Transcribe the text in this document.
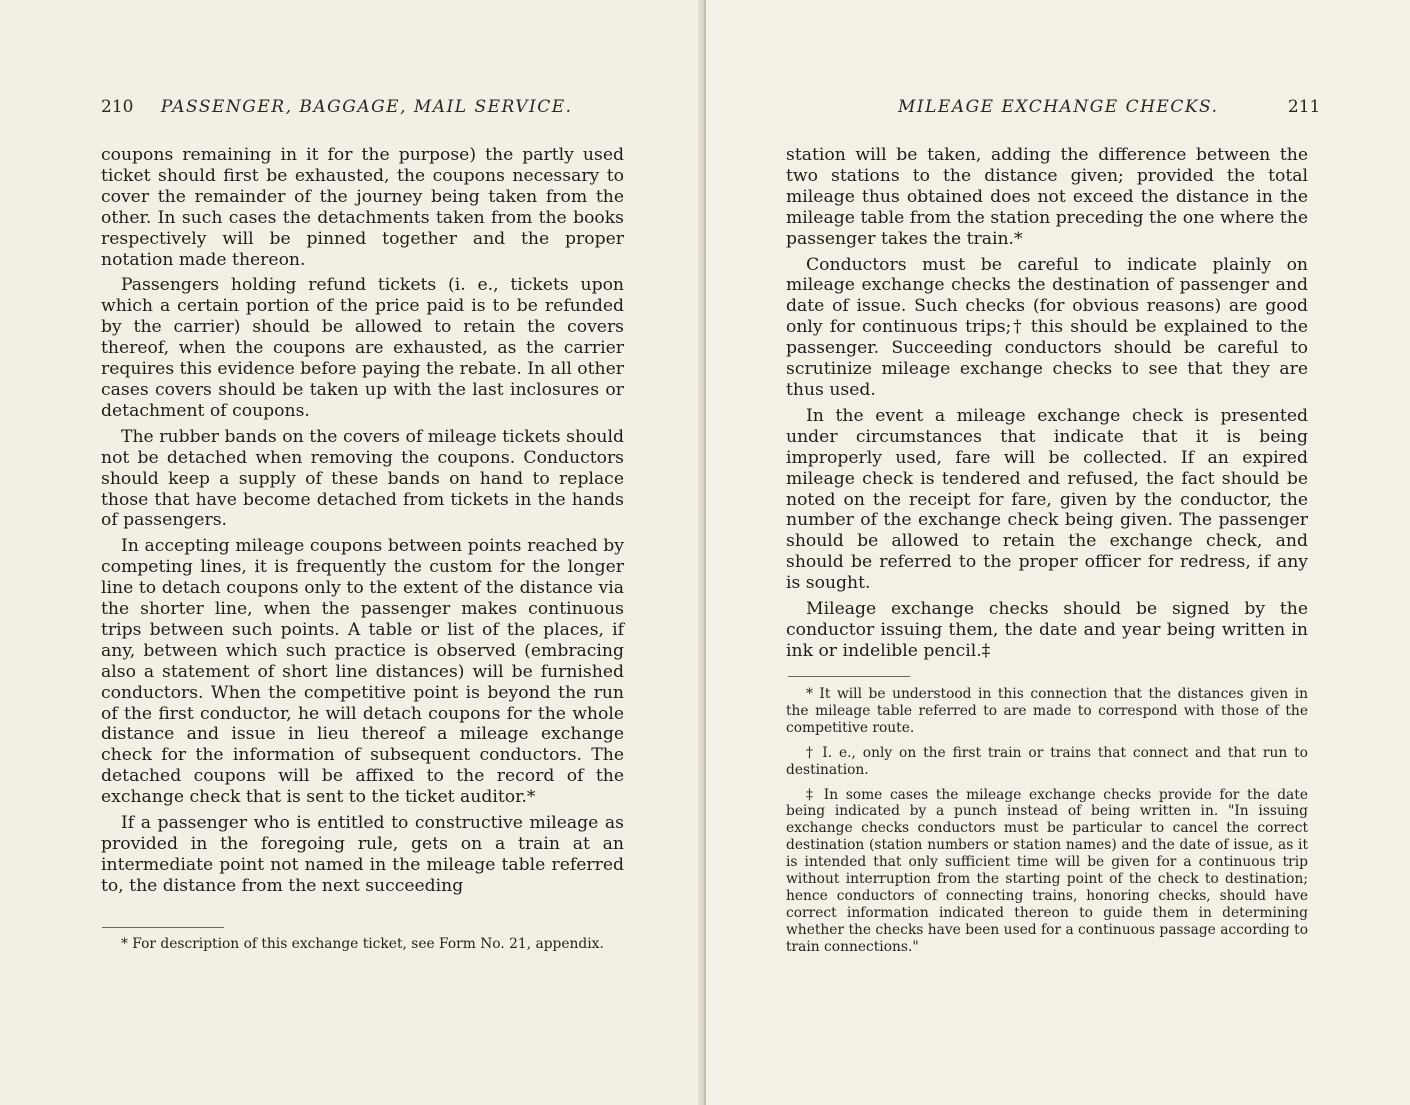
210 PASSENGER, BAGGAGE, MAIL SERVICE.

coupons remaining in it for the purpose) the partly used ticket should first be exhausted, the coupons necessary to cover the remainder of the journey being taken from the other. In such cases the detachments taken from the books respectively will be pinned together and the proper notation made thereon.

Passengers holding refund tickets (i. e., tickets upon which a certain portion of the price paid is to be refunded by the carrier) should be allowed to retain the covers thereof, when the coupons are exhausted, as the carrier requires this evidence before paying the rebate. In all other cases covers should be taken up with the last inclosures or detachment of coupons.

The rubber bands on the covers of mileage tickets should not be detached when removing the coupons. Conductors should keep a supply of these bands on hand to replace those that have become detached from tickets in the hands of passengers.

In accepting mileage coupons between points reached by competing lines, it is frequently the custom for the longer line to detach coupons only to the extent of the distance via the shorter line, when the passenger makes continuous trips between such points. A table or list of the places, if any, between which such practice is observed (embracing also a statement of short line distances) will be furnished conductors. When the competitive point is beyond the run of the first conductor, he will detach coupons for the whole distance and issue in lieu thereof a mileage exchange check for the information of subsequent conductors. The detached coupons will be affixed to the record of the exchange check that is sent to the ticket auditor.*

If a passenger who is entitled to constructive mileage as provided in the foregoing rule, gets on a train at an intermediate point not named in the mileage table referred to, the distance from the next succeeding

* For description of this exchange ticket, see Form No. 21, appendix.

MILEAGE EXCHANGE CHECKS.	211

station will be taken, adding the difference between the two stations to the distance given; provided the total mileage thus obtained does not exceed the distance in the mileage table from the station preceding the one where the passenger takes the train.*

Conductors must be careful to indicate plainly on mileage exchange checks the destination of passenger and date of issue. Such checks (for obvious reasons) are good only for continuous trips;† this should be explained to the passenger. Succeeding conductors should be careful to scrutinize mileage exchange checks to see that they are thus used.

In the event a mileage exchange check is presented under circumstances that indicate that it is being improperly used, fare will be collected. If an expired mileage check is tendered and refused, the fact should be noted on the receipt for fare, given by the conductor, the number of the exchange check being given. The passenger should be allowed to retain the exchange check, and should be referred to the proper officer for redress, if any is sought.

Mileage exchange checks should be signed by the conductor issuing them, the date and year being written in ink or indelible pencil.‡

* It will be understood in this connection that the distances given in the mileage table referred to are made to correspond with those of the competitive route.

† I. e., only on the first train or trains that connect and that run to destination.

‡ In some cases the mileage exchange checks provide for the date being indicated by a punch instead of being written in. "In issuing exchange checks conductors must be particular to cancel the correct destination (station numbers or station names) and the date of issue, as it is intended that only sufficient time will be given for a continuous trip without interruption from the starting point of the check to destination; hence conductors of connecting trains, honoring checks, should have correct information indicated thereon to guide them in determining whether the checks have been used for a continuous passage according to train connections."
